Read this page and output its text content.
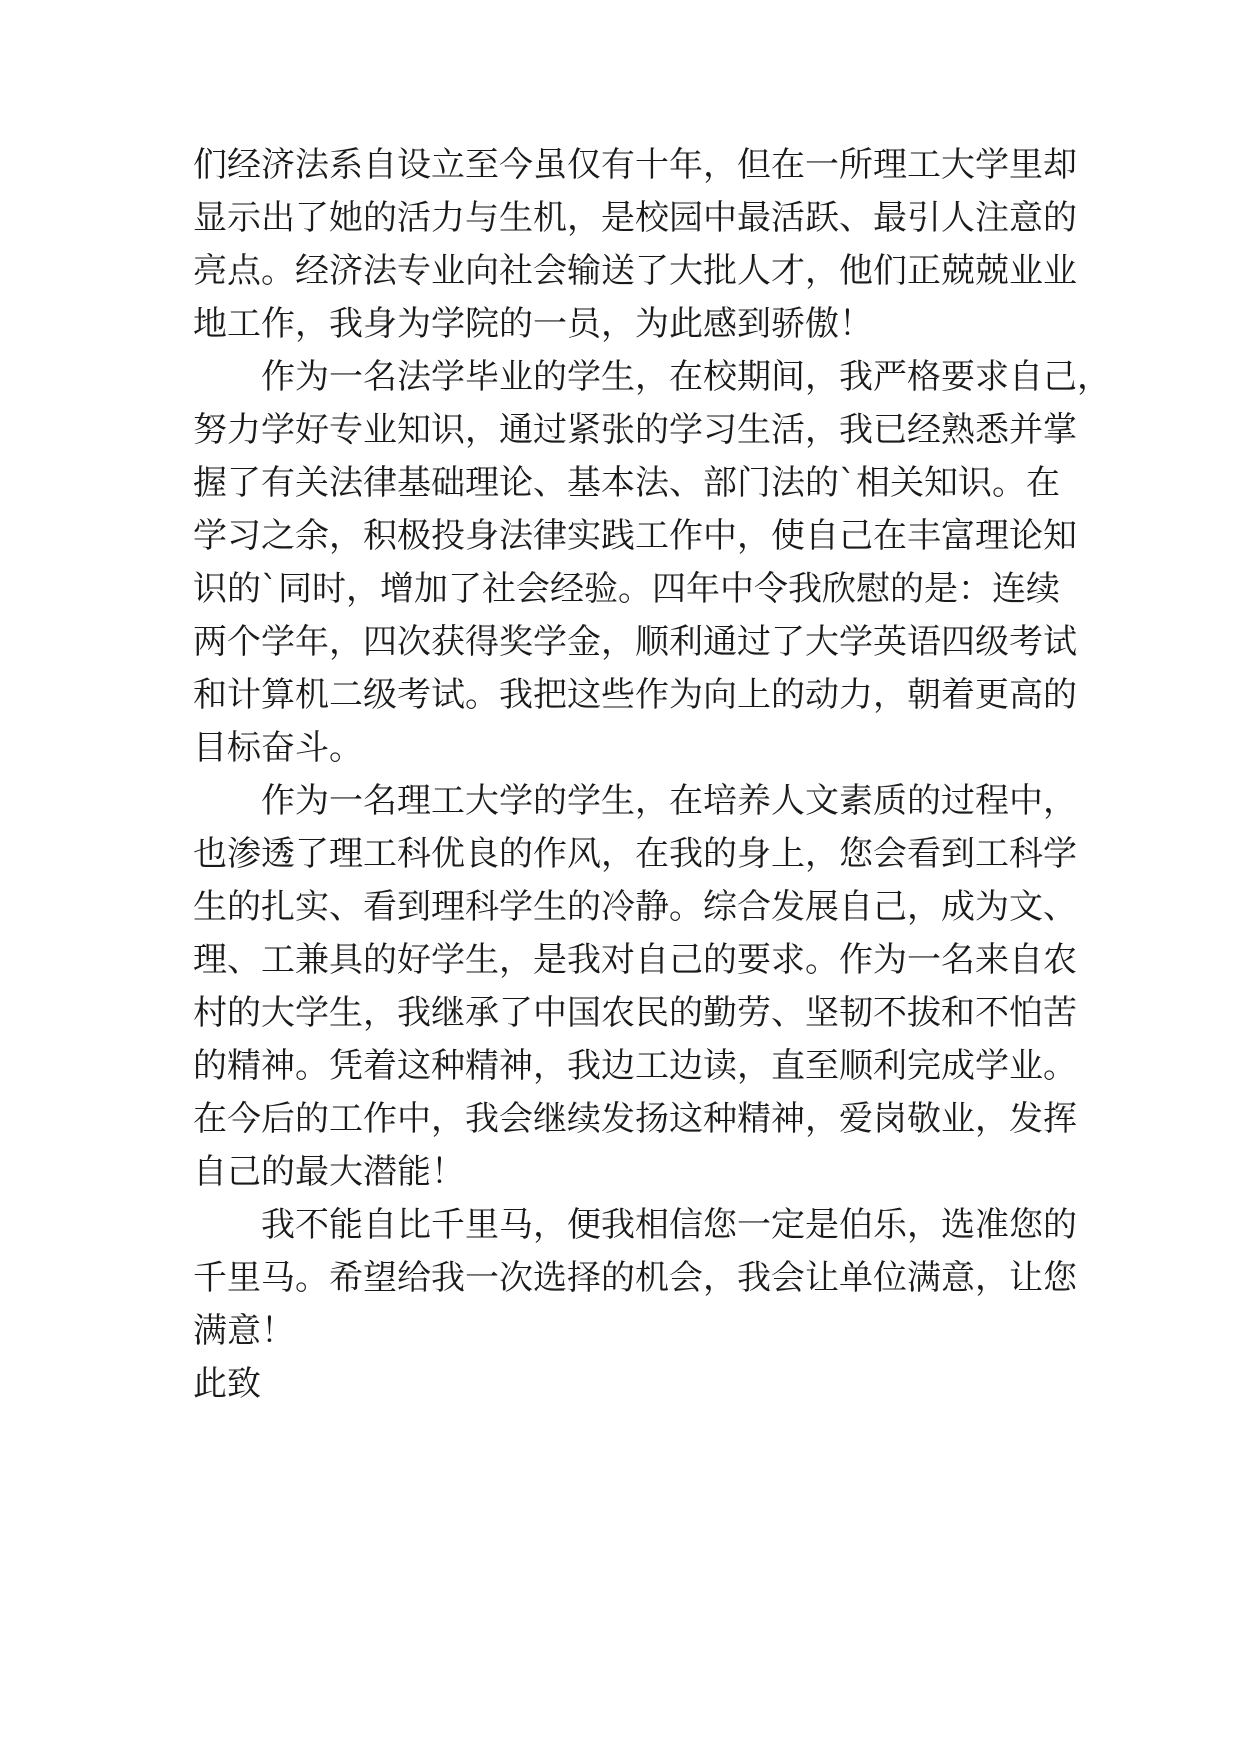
们经济法系自设立至今虽仅有十年，但在一所理工大学里却
显示出了她的活力与生机，是校园中最活跃、最引人注意的
亮点。经济法专业向社会输送了大批人才，他们正兢兢业业
地工作，我身为学院的一员，为此感到骄傲！
作为一名法学毕业的学生，在校期间，我严格要求自己，
努力学好专业知识，通过紧张的学习生活，我已经熟悉并掌
握了有关法律基础理论、基本法、部门法的`相关知识。在
学习之余，积极投身法律实践工作中，使自己在丰富理论知
识的`同时，增加了社会经验。四年中令我欣慰的是：连续
两个学年，四次获得奖学金，顺利通过了大学英语四级考试
和计算机二级考试。我把这些作为向上的动力，朝着更高的
目标奋斗。
作为一名理工大学的学生，在培养人文素质的过程中，
也渗透了理工科优良的作风，在我的身上，您会看到工科学
生的扎实、看到理科学生的冷静。综合发展自己，成为文、
理、工兼具的好学生，是我对自己的要求。作为一名来自农
村的大学生，我继承了中国农民的勤劳、坚韧不拔和不怕苦
的精神。凭着这种精神，我边工边读，直至顺利完成学业。
在今后的工作中，我会继续发扬这种精神，爱岗敬业，发挥
自己的最大潜能！
我不能自比千里马，便我相信您一定是伯乐，选准您的
千里马。希望给我一次选择的机会，我会让单位满意，让您
满意！
此致
